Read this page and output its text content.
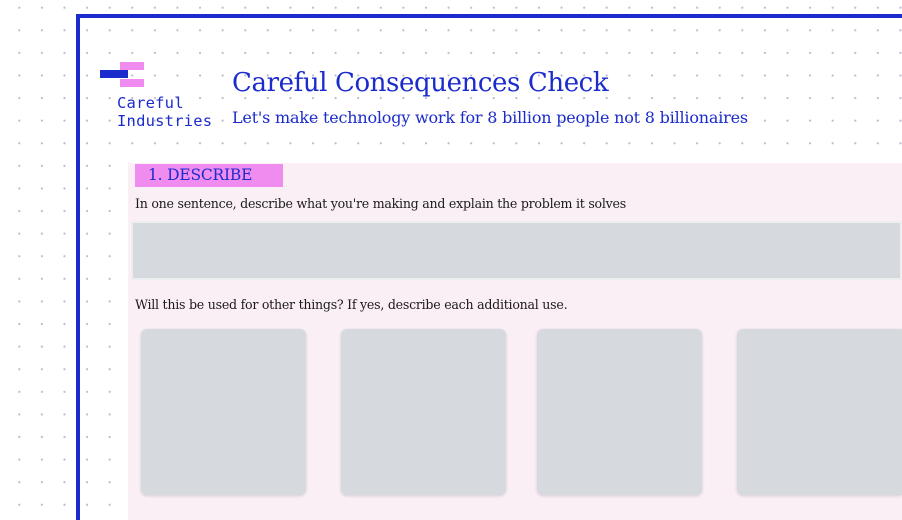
Careful
Industries
Careful Consequences Check

Let's make technology work for 8 billion people not 8 billionaires

1. DESCRIBE

In one sentence, describe what you're making and explain the problem it solves

Will this be used for other things? If yes, describe each additional use.
